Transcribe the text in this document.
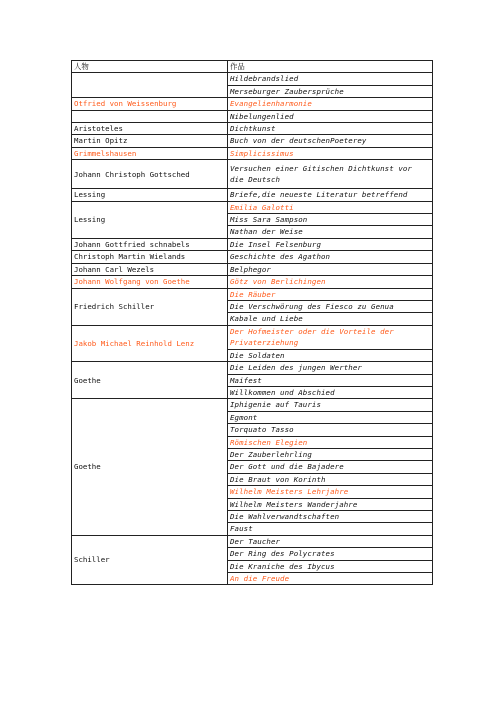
人物	作品
	Hildebrandslied
	Merseburger Zaubersprüche
Otfried von Weissenburg	Evangelienharmonie
	Nibelungenlied
Aristoteles	Dichtkunst
Martin Opitz	Buch von der deutschenPoeterey
Grimmelshausen	Simplicissimus
Johann Christoph Gottsched	Versuchen einer Gitischen Dichtkunst vor die Deutsch
Lessing	Briefe,die neueste Literatur betreffend
Lessing	Emilia Galotti
	Miss Sara Sampson
	Nathan der Weise
Johann Gottfried schnabels	Die Insel Felsenburg
Christoph Martin Wielands	Geschichte des Agathon
Johann Carl Wezels	Belphegor
Johann Wolfgang von Goethe	Götz von Berlichingen
Friedrich Schiller	Die Räuber
	Die Verschwörung des Fiesco zu Genua
	Kabale und Liebe
Jakob Michael Reinhold Lenz	Der Hofmeister oder die Vorteile der Privaterziehung
	Die Soldaten
Goethe	Die Leiden des jungen Werther
	Maifest
	Willkommen und Abschied
Goethe	Iphigenie auf Tauris
	Egmont
	Torquato Tasso
	Römischen Elegien
	Der Zauberlehrling
	Der Gott und die Bajadere
	Die Braut von Korinth
	Wilhelm Meisters Lehrjahre
	Wilhelm Meisters Wanderjahre
	Die Wahlverwandtschaften
	Faust
Schiller	Der Taucher
	Der Ring des Polycrates
	Die Kraniche des Ibycus
	An die Freude
